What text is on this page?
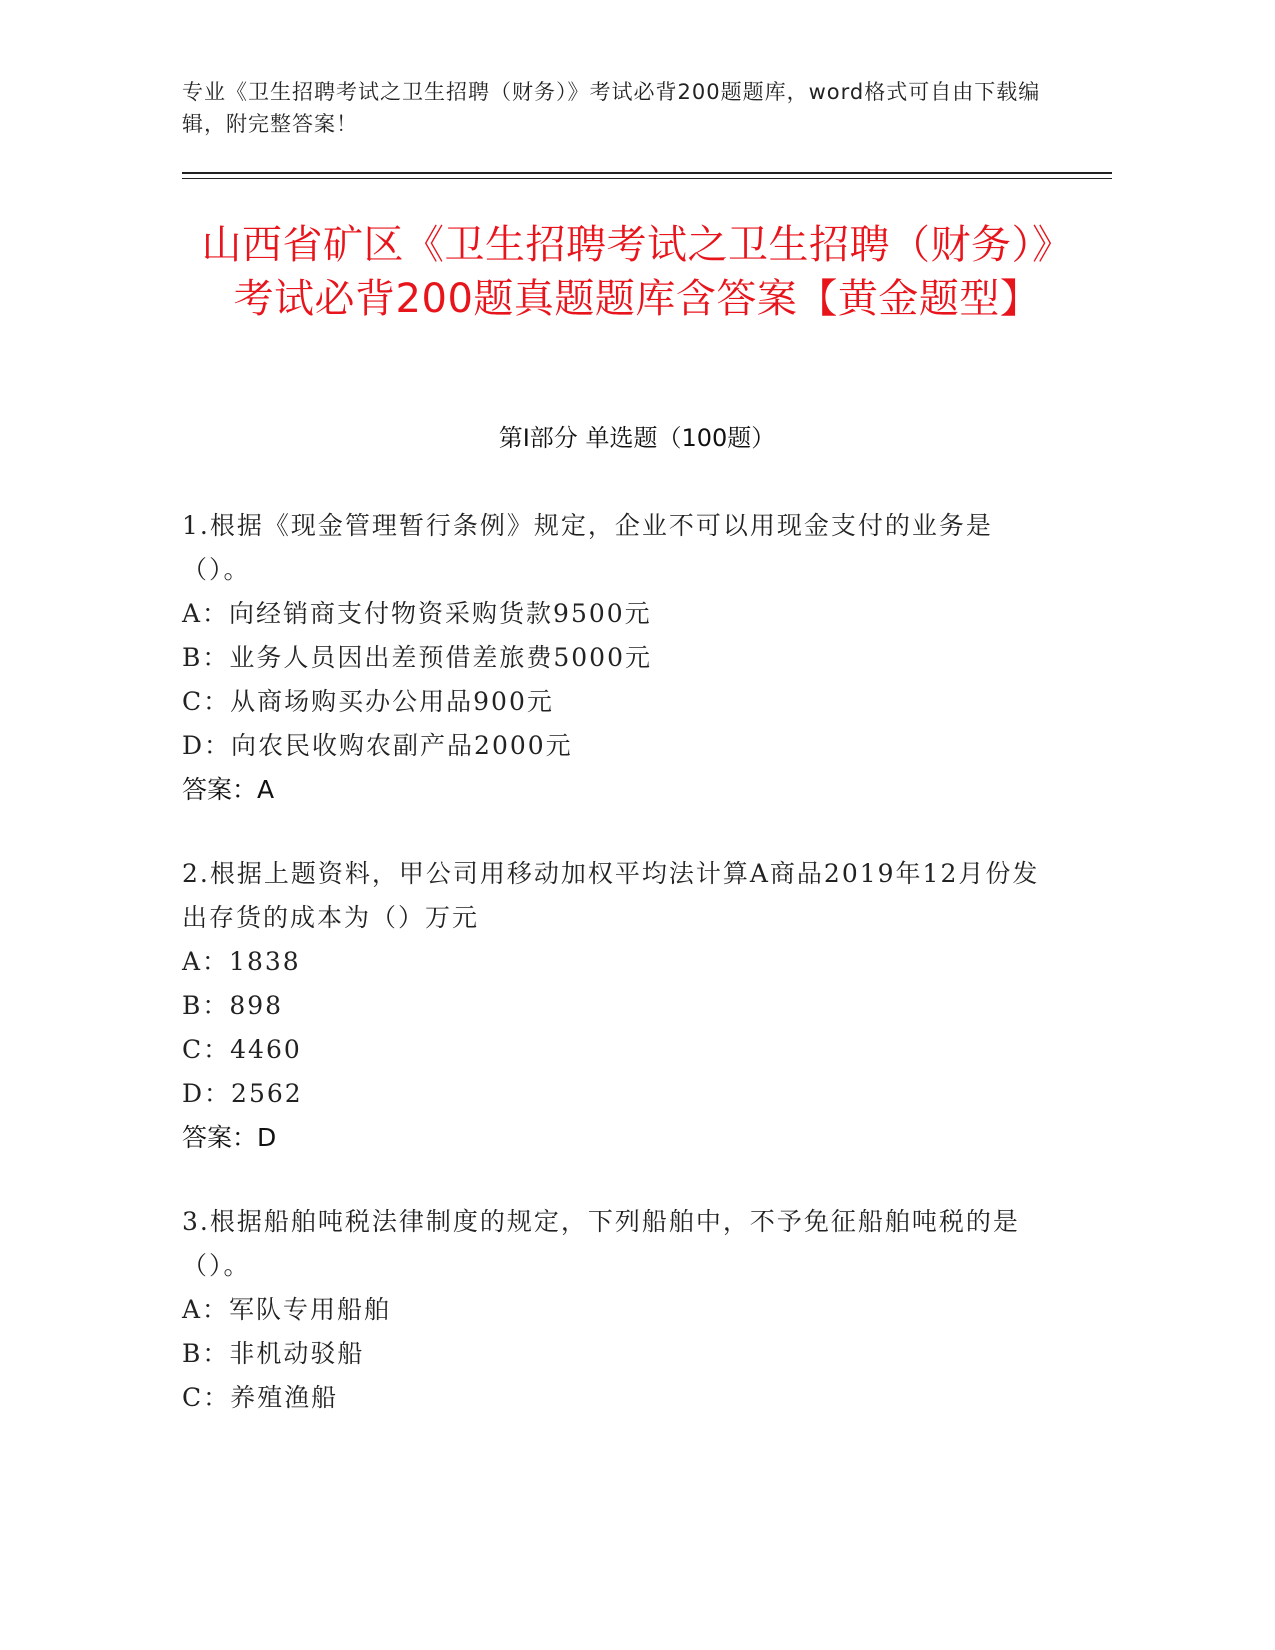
专业《卫生招聘考试之卫生招聘（财务）》考试必背200题题库，word格式可自由下载编辑，附完整答案！
山西省矿区《卫生招聘考试之卫生招聘（财务）》考试必背200题真题题库含答案【黄金题型】
第Ⅰ部分 单选题（100题）
1.根据《现金管理暂行条例》规定，企业不可以用现金支付的业务是（）。
A：向经销商支付物资采购货款9500元
B：业务人员因出差预借差旅费5000元
C：从商场购买办公用品900元
D：向农民收购农副产品2000元
答案：A
2.根据上题资料，甲公司用移动加权平均法计算A商品2019年12月份发出存货的成本为（）万元
A：1838
B：898
C：4460
D：2562
答案：D
3.根据船舶吨税法律制度的规定，下列船舶中，不予免征船舶吨税的是（）。
A：军队专用船舶
B：非机动驳船
C：养殖渔船
